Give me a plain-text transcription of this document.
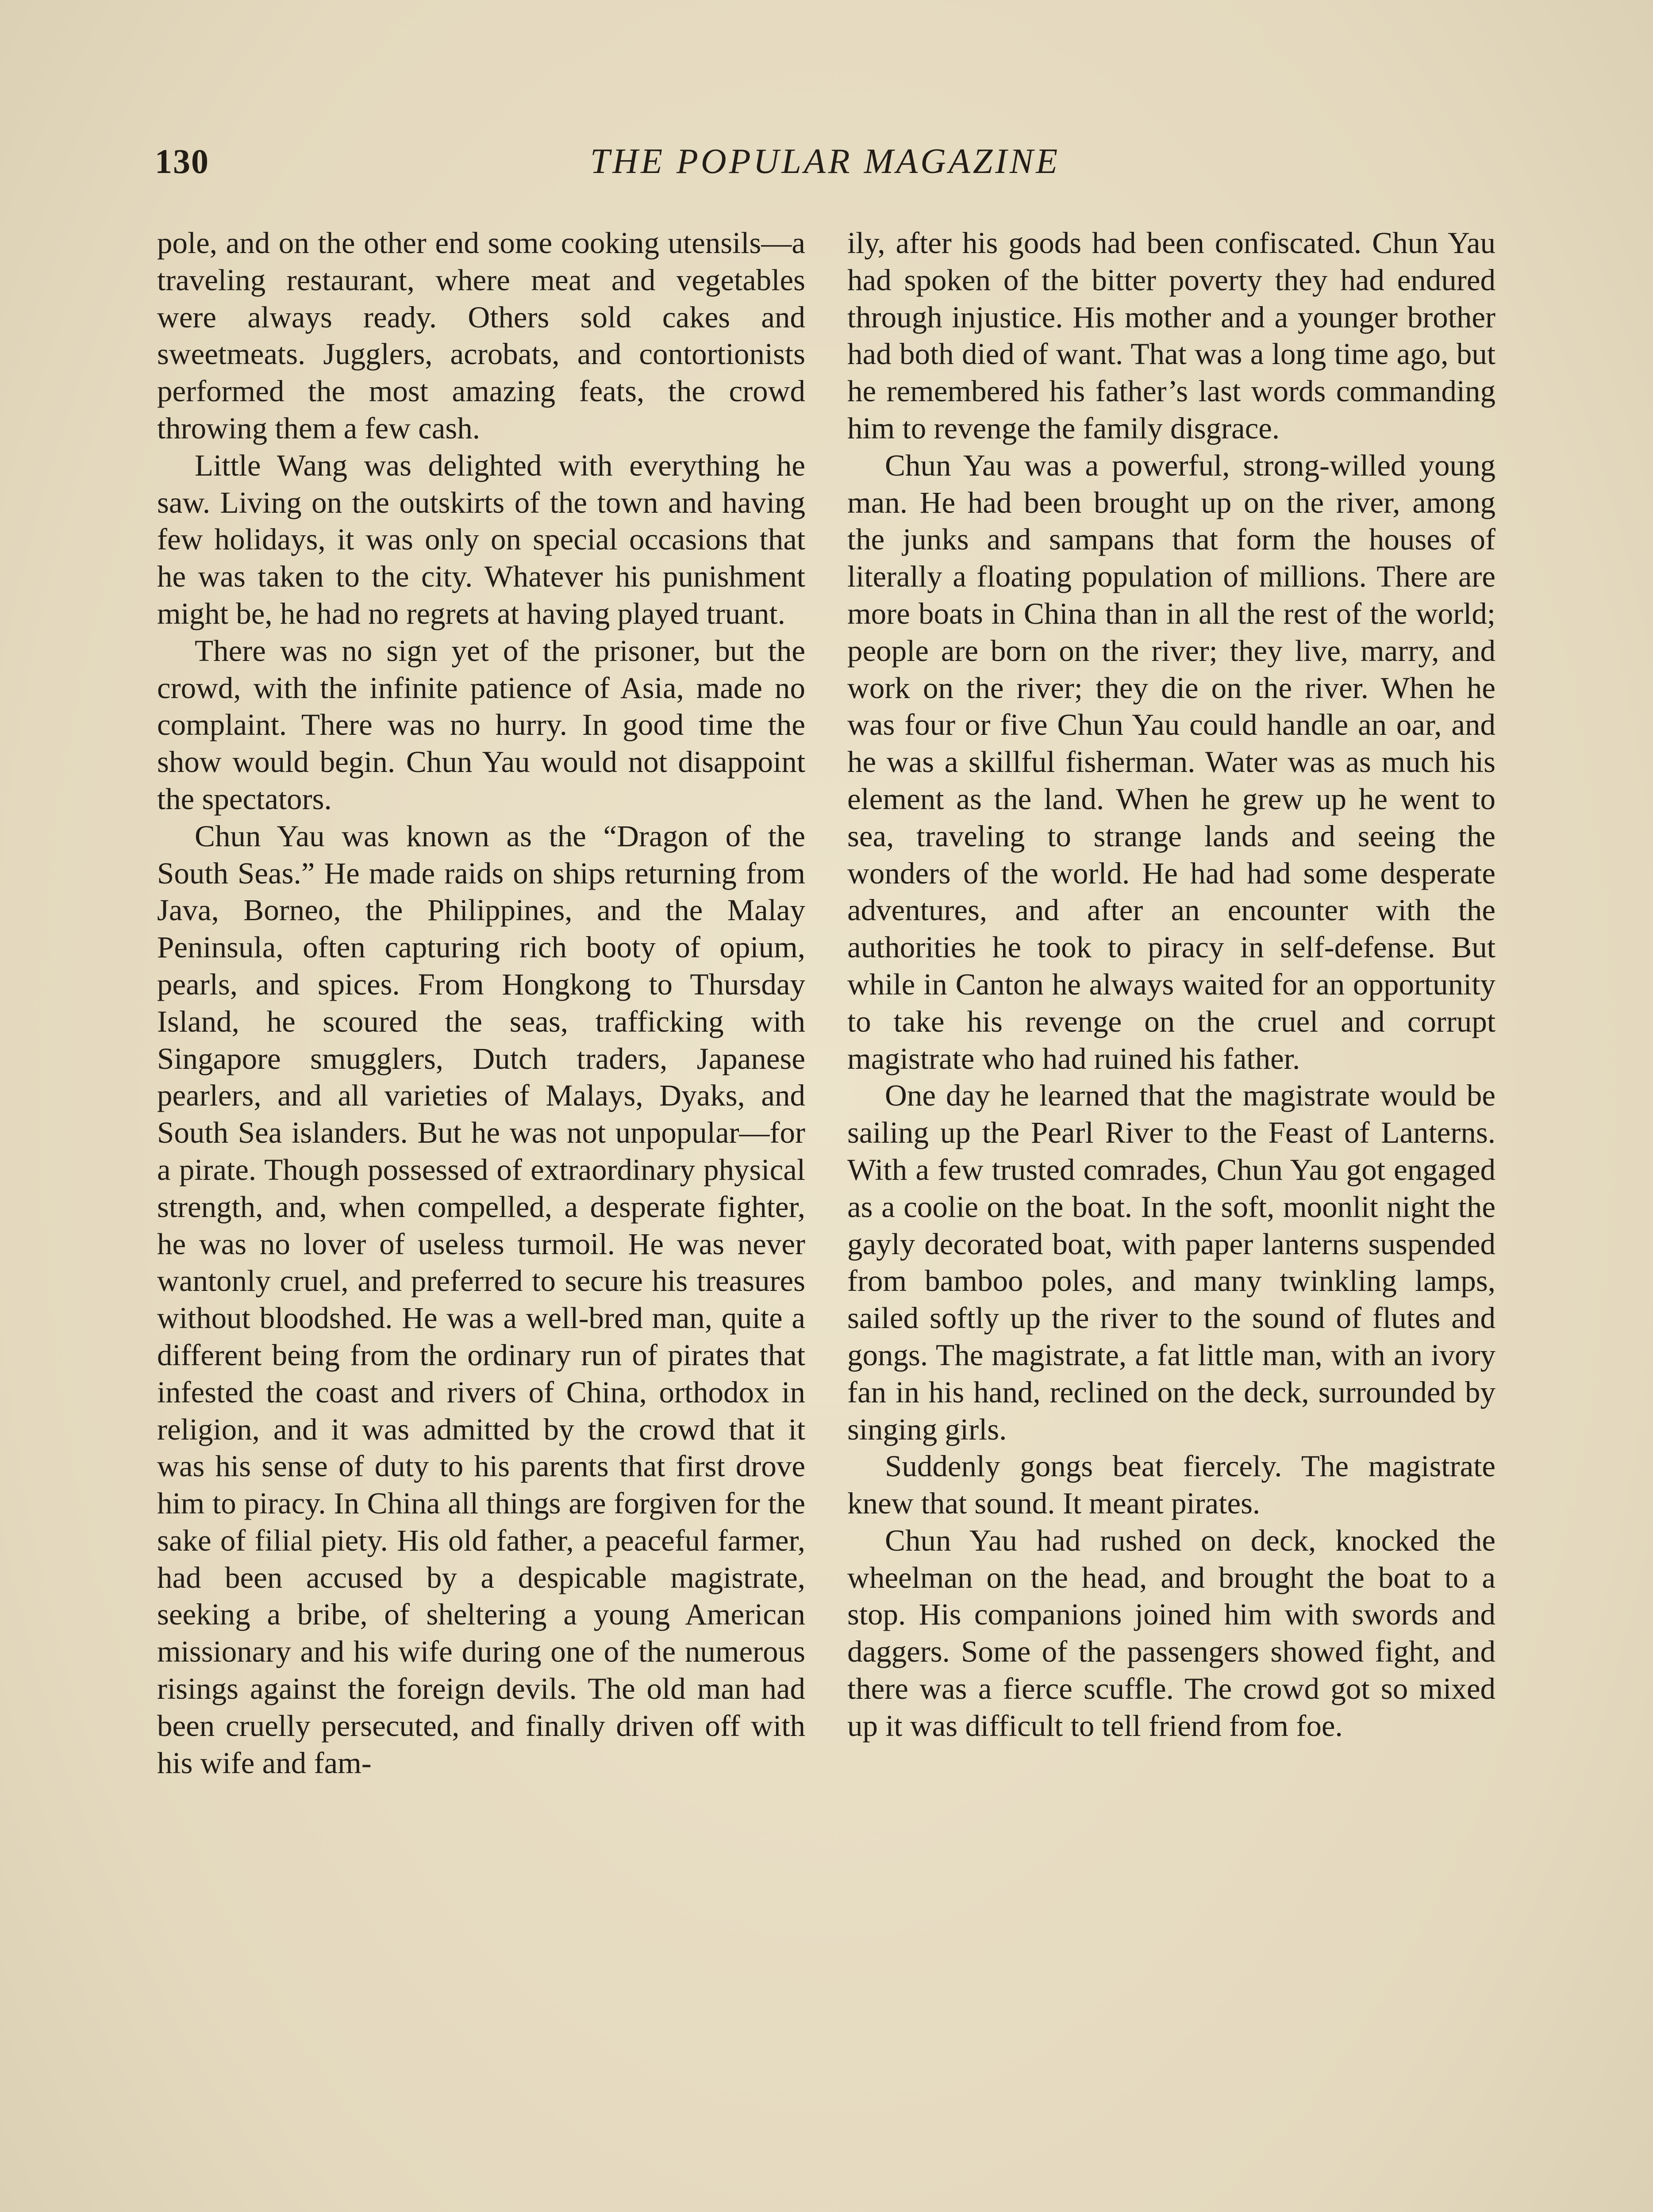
130	THE POPULAR MAGAZINE

pole, and on the other end some cooking utensils—a traveling restaurant, where meat and vegetables were always ready. Others sold cakes and sweetmeats. Jugglers, acrobats, and contortionists performed the most amazing feats, the crowd throwing them a few cash.

Little Wang was delighted with everything he saw. Living on the outskirts of the town and having few holidays, it was only on special occasions that he was taken to the city. Whatever his punishment might be, he had no regrets at having played truant.

There was no sign yet of the prisoner, but the crowd, with the infinite patience of Asia, made no complaint. There was no hurry. In good time the show would begin. Chun Yau would not disappoint the spectators.

Chun Yau was known as the “Dragon of the South Seas.” He made raids on ships returning from Java, Borneo, the Philippines, and the Malay Peninsula, often capturing rich booty of opium, pearls, and spices. From Hongkong to Thursday Island, he scoured the seas, trafficking with Singapore smugglers, Dutch traders, Japanese pearlers, and all varieties of Malays, Dyaks, and South Sea islanders. But he was not unpopular—for a pirate. Though possessed of extraordinary physical strength, and, when compelled, a desperate fighter, he was no lover of useless turmoil. He was never wantonly cruel, and preferred to secure his treasures without bloodshed. He was a well-bred man, quite a different being from the ordinary run of pirates that infested the coast and rivers of China, orthodox in religion, and it was admitted by the crowd that it was his sense of duty to his parents that first drove him to piracy. In China all things are forgiven for the sake of filial piety. His old father, a peaceful farmer, had been accused by a despicable magistrate, seeking a bribe, of sheltering a young American missionary and his wife during one of the numerous risings against the foreign devils. The old man had been cruelly persecuted, and finally driven off with his wife and fam-

ily, after his goods had been confiscated. Chun Yau had spoken of the bitter poverty they had endured through injustice. His mother and a younger brother had both died of want. That was a long time ago, but he remembered his father’s last words commanding him to revenge the family disgrace.

Chun Yau was a powerful, strong-willed young man. He had been brought up on the river, among the junks and sampans that form the houses of literally a floating population of millions. There are more boats in China than in all the rest of the world; people are born on the river; they live, marry, and work on the river; they die on the river. When he was four or five Chun Yau could handle an oar, and he was a skillful fisherman. Water was as much his element as the land. When he grew up he went to sea, traveling to strange lands and seeing the wonders of the world. He had had some desperate adventures, and after an encounter with the authorities he took to piracy in self-defense. But while in Canton he always waited for an opportunity to take his revenge on the cruel and corrupt magistrate who had ruined his father.

One day he learned that the magistrate would be sailing up the Pearl River to the Feast of Lanterns. With a few trusted comrades, Chun Yau got engaged as a coolie on the boat. In the soft, moonlit night the gayly decorated boat, with paper lanterns suspended from bamboo poles, and many twinkling lamps, sailed softly up the river to the sound of flutes and gongs. The magistrate, a fat little man, with an ivory fan in his hand, reclined on the deck, surrounded by singing girls.

Suddenly gongs beat fiercely. The magistrate knew that sound. It meant pirates.

Chun Yau had rushed on deck, knocked the wheelman on the head, and brought the boat to a stop. His companions joined him with swords and daggers. Some of the passengers showed fight, and there was a fierce scuffle. The crowd got so mixed up it was difficult to tell friend from foe.
